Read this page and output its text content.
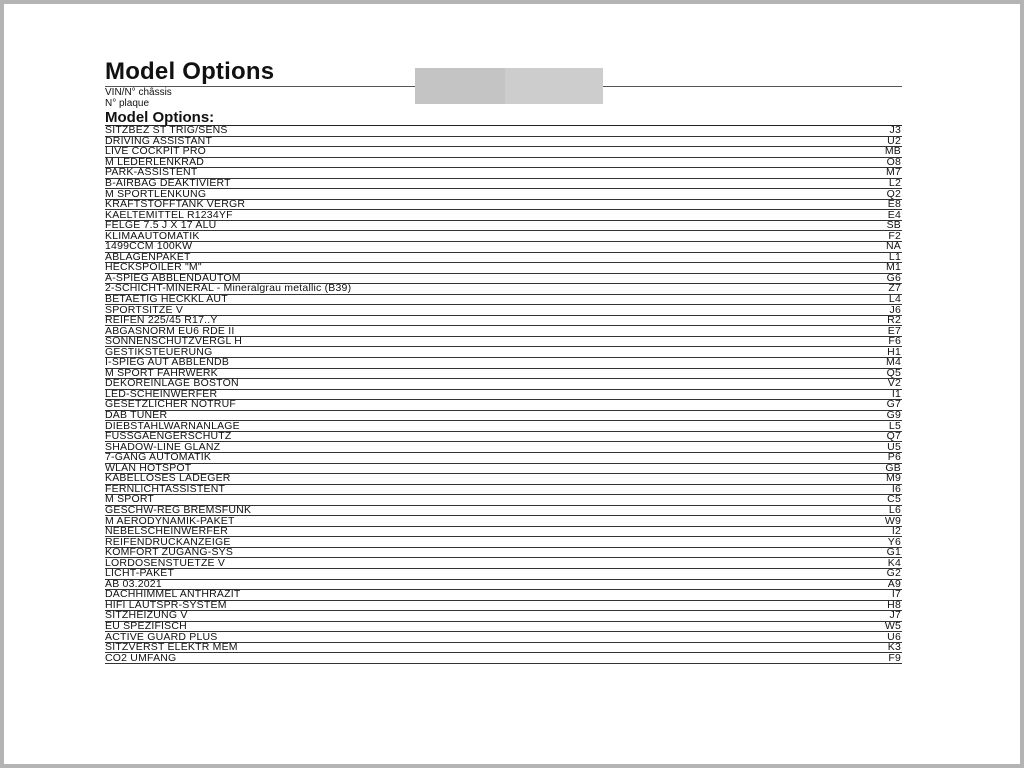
Model Options
VIN/N° châssis
N° plaque
Model Options:
SITZBEZ ST TRIG/SENS	J3
DRIVING ASSISTANT	U2
LIVE COCKPIT PRO	MB
M LEDERLENKRAD	O8
PARK-ASSISTENT	M7
B-AIRBAG DEAKTIVIERT	L2
M SPORTLENKUNG	Q2
KRAFTSTOFFTANK VERGR	E8
KAELTEMITTEL R1234YF	E4
FELGE 7.5 J X 17 ALU	SB
KLIMAAUTOMATIK	F2
1499CCM 100KW	NA
ABLAGENPAKET	L1
HECKSPOILER "M"	M1
A-SPIEG ABBLENDAUTOM	G6
2-SCHICHT-MINERAL - Mineralgrau metallic (B39)	Z7
BETAETIG HECKKL AUT	L4
SPORTSITZE V	J6
REIFEN 225/45 R17..Y	R2
ABGASNORM EU6 RDE II	E7
SONNENSCHUTZVERGL H	F6
GESTIKSTEUERUNG	H1
I-SPIEG AUT ABBLENDB	M4
M SPORT FAHRWERK	Q5
DEKOREINLAGE BOSTON	V2
LED-SCHEINWERFER	I1
GESETZLICHER NOTRUF	G7
DAB TUNER	G9
DIEBSTAHLWARNANLAGE	L5
FUSSGAENGERSCHUTZ	Q7
SHADOW-LINE GLANZ	U5
7-GANG AUTOMATIK	P6
WLAN HOTSPOT	GB
KABELLOSES LADEGER	M9
FERNLICHTASSISTENT	I6
M SPORT	C5
GESCHW-REG BREMSFUNK	L6
M AERODYNAMIK-PAKET	W9
NEBELSCHEINWERFER	I2
REIFENDRUCKANZEIGE	Y6
KOMFORT ZUGANG-SYS	G1
LORDOSENSTUETZE V	K4
LICHT-PAKET	G2
AB 03.2021	A9
DACHHIMMEL ANTHRAZIT	I7
HIFI LAUTSPR-SYSTEM	H8
SITZHEIZUNG V	J7
EU SPEZIFISCH	W5
ACTIVE GUARD PLUS	U6
SITZVERST ELEKTR MEM	K3
CO2 UMFANG	F9
